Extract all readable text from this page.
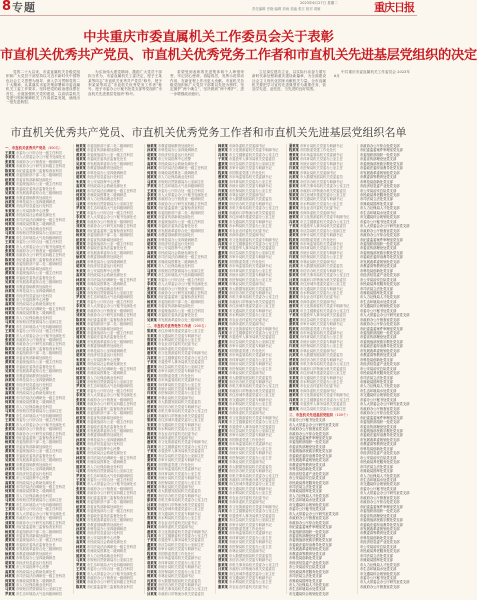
8 专题	2023年6月27日 星期二
责任编辑 史晓 编辑 刘雨 美编 张江 校对 周敏	重庆日报
中共重庆市委直属机关工作委员会关于表彰
市直机关优秀共产党员、市直机关优秀党务工作者和市直机关先进基层党组织的决定
党的二十大以来，市委直属机关各级党组织和广大党员干部坚持以习近平新时代中国特色社会主义思想为指导，深入学习贯彻党的二十大精神，认真落实市委决策部署和市委直属机关工委工作要求，坚持把党的政治建设摆在首位，全面加强机关党的建设，以高质量机关党建引领和保障机关工作高质量发展，涌现出一批先进典型。
为弘扬伟大建党精神，激励广大党员干部担当作为，市委直属机关工委决定，授予王某某等同志“市直机关优秀共产党员”称号，授予李某某等同志“市直机关优秀党务工作者”称号，授予市委办公厅秘书处党支部等党组织“市直机关先进基层党组织”称号。
希望受到表彰的先进集体和个人珍惜荣誉，牢记初心使命，再接再厉，发挥示范带动作用，在新征程上作出更大贡献。市直机关各级党组织和广大党员干部要以先进为榜样，坚定拥护“两个确立”，坚决做到“两个维护”，进一步增强政治意识。
立足岗位建功立业，以实际行动奋力谱写新时代新征程新重庆建设新篇章，为全面建设社会主义现代化国家贡献机关力量。全市直属机关要把学习宣传先进典型作为重要任务，营造学先进、赶先进、当先进的良好氛围。
中共重庆市委直属机关工作委员会 2023年6月
市直机关优秀共产党员、市直机关优秀党务工作者和市直机关先进基层党组织名单
一、市直机关优秀共产党员（300名）
王某某 市委办公厅综合处一级主任科员
李某某 市人大常委会办公厅秘书处副处长
张某某 市政府办公厅督查室一级调研员
刘某某 市政协办公厅研究室四级主任科员
陈某某 市纪委监委第三监督检查室科员
杨某某 市委组织部干部二处二级调研员
赵某某 市委宣传部新闻处副处长
黄某某 市委统战部办公室一级主任科员
周某某 市委政法委执法监督处处长
吴某某 市发展改革委综合处三级调研员
徐某某 市教委基础教育处副处长
孙某某 市科技局办公室四级调研员
胡某某 市经济信息委运行处科员
朱某某 市公安局指挥中心民警
高某某 市民政局社会救助处副处长
林某某 市司法局法治调研处一级主任科员
何某某 市财政局预算处二级调研员
郭某某 市人力社保局就业处科员
马某某 市规划自然资源局办公室副主任
罗某某 市生态环境局大气处四级调研员
王某某 市委办公厅综合处一级主任科员
李某某 市人大常委会办公厅秘书处副处长
张某某 市政府办公厅督查室一级调研员
刘某某 市政协办公厅研究室四级主任科员
陈某某 市纪委监委第三监督检查室科员
杨某某 市委组织部干部二处二级调研员
赵某某 市委宣传部新闻处副处长
黄某某 市委统战部办公室一级主任科员
周某某 市委政法委执法监督处处长
吴某某 市发展改革委综合处三级调研员
徐某某 市教委基础教育处副处长
孙某某 市科技局办公室四级调研员
胡某某 市经济信息委运行处科员
朱某某 市公安局指挥中心民警
高某某 市民政局社会救助处副处长
林某某 市司法局法治调研处一级主任科员
何某某 市财政局预算处二级调研员
郭某某 市人力社保局就业处科员
马某某 市规划自然资源局办公室副主任
罗某某 市生态环境局大气处四级调研员
王某某 市委办公厅综合处一级主任科员
李某某 市人大常委会办公厅秘书处副处长
张某某 市政府办公厅督查室一级调研员
刘某某 市政协办公厅研究室四级主任科员
陈某某 市纪委监委第三监督检查室科员
杨某某 市委组织部干部二处二级调研员
赵某某 市委宣传部新闻处副处长
黄某某 市委统战部办公室一级主任科员
周某某 市委政法委执法监督处处长
吴某某 市发展改革委综合处三级调研员
徐某某 市教委基础教育处副处长
孙某某 市科技局办公室四级调研员
胡某某 市经济信息委运行处科员
朱某某 市公安局指挥中心民警
高某某 市民政局社会救助处副处长
林某某 市司法局法治调研处一级主任科员
何某某 市财政局预算处二级调研员
郭某某 市人力社保局就业处科员
马某某 市规划自然资源局办公室副主任
罗某某 市生态环境局大气处四级调研员
王某某 市委办公厅综合处一级主任科员
李某某 市人大常委会办公厅秘书处副处长
张某某 市政府办公厅督查室一级调研员
刘某某 市政协办公厅研究室四级主任科员
陈某某 市纪委监委第三监督检查室科员
杨某某 市委组织部干部二处二级调研员
赵某某 市委宣传部新闻处副处长
黄某某 市委统战部办公室一级主任科员
周某某 市委政法委执法监督处处长
吴某某 市发展改革委综合处三级调研员
徐某某 市教委基础教育处副处长
孙某某 市科技局办公室四级调研员
胡某某 市经济信息委运行处科员
朱某某 市公安局指挥中心民警
高某某 市民政局社会救助处副处长
林某某 市司法局法治调研处一级主任科员
何某某 市财政局预算处二级调研员
郭某某 市人力社保局就业处科员
马某某 市规划自然资源局办公室副主任
罗某某 市生态环境局大气处四级调研员
王某某 市委办公厅综合处一级主任科员
李某某 市人大常委会办公厅秘书处副处长
张某某 市政府办公厅督查室一级调研员
刘某某 市政协办公厅研究室四级主任科员
陈某某 市纪委监委第三监督检查室科员
杨某某 市委组织部干部二处二级调研员
赵某某 市委宣传部新闻处副处长
黄某某 市委统战部办公室一级主任科员
周某某 市委政法委执法监督处处长
吴某某 市发展改革委综合处三级调研员
徐某某 市教委基础教育处副处长
孙某某 市科技局办公室四级调研员
胡某某 市经济信息委运行处科员
朱某某 市公安局指挥中心民警
高某某 市民政局社会救助处副处长
林某某 市司法局法治调研处一级主任科员
何某某 市财政局预算处二级调研员
郭某某 市人力社保局就业处科员
马某某 市规划自然资源局办公室副主任
罗某某 市生态环境局大气处四级调研员
杨某某 市委组织部干部二处二级调研员
赵某某 市委宣传部新闻处副处长
黄某某 市委统战部办公室一级主任科员
周某某 市委政法委执法监督处处长
吴某某 市发展改革委综合处三级调研员
徐某某 市教委基础教育处副处长
孙某某 市科技局办公室四级调研员
胡某某 市经济信息委运行处科员
朱某某 市公安局指挥中心民警
高某某 市民政局社会救助处副处长
林某某 市司法局法治调研处一级主任科员
何某某 市财政局预算处二级调研员
郭某某 市人力社保局就业处科员
马某某 市规划自然资源局办公室副主任
罗某某 市生态环境局大气处四级调研员
王某某 市委办公厅综合处一级主任科员
李某某 市人大常委会办公厅秘书处副处长
张某某 市政府办公厅督查室一级调研员
刘某某 市政协办公厅研究室四级主任科员
陈某某 市纪委监委第三监督检查室科员
杨某某 市委组织部干部二处二级调研员
赵某某 市委宣传部新闻处副处长
黄某某 市委统战部办公室一级主任科员
周某某 市委政法委执法监督处处长
吴某某 市发展改革委综合处三级调研员
徐某某 市教委基础教育处副处长
孙某某 市科技局办公室四级调研员
胡某某 市经济信息委运行处科员
朱某某 市公安局指挥中心民警
高某某 市民政局社会救助处副处长
林某某 市司法局法治调研处一级主任科员
何某某 市财政局预算处二级调研员
郭某某 市人力社保局就业处科员
马某某 市规划自然资源局办公室副主任
罗某某 市生态环境局大气处四级调研员
王某某 市委办公厅综合处一级主任科员
李某某 市人大常委会办公厅秘书处副处长
张某某 市政府办公厅督查室一级调研员
刘某某 市政协办公厅研究室四级主任科员
陈某某 市纪委监委第三监督检查室科员
杨某某 市委组织部干部二处二级调研员
赵某某 市委宣传部新闻处副处长
黄某某 市委统战部办公室一级主任科员
周某某 市委政法委执法监督处处长
吴某某 市发展改革委综合处三级调研员
徐某某 市教委基础教育处副处长
孙某某 市科技局办公室四级调研员
胡某某 市经济信息委运行处科员
朱某某 市公安局指挥中心民警
高某某 市民政局社会救助处副处长
林某某 市司法局法治调研处一级主任科员
何某某 市财政局预算处二级调研员
郭某某 市人力社保局就业处科员
马某某 市规划自然资源局办公室副主任
罗某某 市生态环境局大气处四级调研员
王某某 市委办公厅综合处一级主任科员
李某某 市人大常委会办公厅秘书处副处长
张某某 市政府办公厅督查室一级调研员
刘某某 市政协办公厅研究室四级主任科员
陈某某 市纪委监委第三监督检查室科员
杨某某 市委组织部干部二处二级调研员
赵某某 市委宣传部新闻处副处长
黄某某 市委统战部办公室一级主任科员
周某某 市委政法委执法监督处处长
吴某某 市发展改革委综合处三级调研员
徐某某 市教委基础教育处副处长
孙某某 市科技局办公室四级调研员
胡某某 市经济信息委运行处科员
朱某某 市公安局指挥中心民警
高某某 市民政局社会救助处副处长
林某某 市司法局法治调研处一级主任科员
何某某 市财政局预算处二级调研员
郭某某 市人力社保局就业处科员
马某某 市规划自然资源局办公室副主任
罗某某 市生态环境局大气处四级调研员
王某某 市委办公厅综合处一级主任科员
李某某 市人大常委会办公厅秘书处副处长
张某某 市政府办公厅督查室一级调研员
刘某某 市政协办公厅研究室四级主任科员
陈某某 市纪委监委第三监督检查室科员
杨某某 市委组织部干部二处二级调研员
赵某某 市委宣传部新闻处副处长
黄某某 市委统战部办公室一级主任科员
周某某 市委政法委执法监督处处长
吴某某 市发展改革委综合处三级调研员
徐某某 市教委基础教育处副处长
孙某某 市科技局办公室四级调研员
胡某某 市经济信息委运行处科员
朱某某 市公安局指挥中心民警
高某某 市民政局社会救助处副处长
林某某 市司法局法治调研处一级主任科员
何某某 市财政局预算处二级调研员
郭某某 市人力社保局就业处科员
马某某 市规划自然资源局办公室副主任
罗某某 市生态环境局大气处四级调研员
王某某 市委办公厅综合处一级主任科员
李某某 市人大常委会办公厅秘书处副处长
张某某 市政府办公厅督查室一级调研员
刘某某 市政协办公厅研究室四级主任科员
陈某某 市纪委监委第三监督检查室科员
徐某某 市教委基础教育处副处长
孙某某 市科技局办公室四级调研员
胡某某 市经济信息委运行处科员
朱某某 市公安局指挥中心民警
高某某 市民政局社会救助处副处长
林某某 市司法局法治调研处一级主任科员
何某某 市财政局预算处二级调研员
郭某某 市人力社保局就业处科员
马某某 市规划自然资源局办公室副主任
罗某某 市生态环境局大气处四级调研员
王某某 市委办公厅综合处一级主任科员
李某某 市人大常委会办公厅秘书处副处长
张某某 市政府办公厅督查室一级调研员
刘某某 市政协办公厅研究室四级主任科员
陈某某 市纪委监委第三监督检查室科员
杨某某 市委组织部干部二处二级调研员
赵某某 市委宣传部新闻处副处长
黄某某 市委统战部办公室一级主任科员
周某某 市委政法委执法监督处处长
吴某某 市发展改革委综合处三级调研员
徐某某 市教委基础教育处副处长
孙某某 市科技局办公室四级调研员
胡某某 市经济信息委运行处科员
朱某某 市公安局指挥中心民警
高某某 市民政局社会救助处副处长
林某某 市司法局法治调研处一级主任科员
何某某 市财政局预算处二级调研员
郭某某 市人力社保局就业处科员
马某某 市规划自然资源局办公室副主任
罗某某 市生态环境局大气处四级调研员
王某某 市委办公厅综合处一级主任科员
李某某 市人大常委会办公厅秘书处副处长
张某某 市政府办公厅督查室一级调研员
刘某某 市政协办公厅研究室四级主任科员
陈某某 市纪委监委第三监督检查室科员
杨某某 市委组织部干部二处二级调研员
赵某某 市委宣传部新闻处副处长
黄某某 市委统战部办公室一级主任科员
周某某 市委政法委执法监督处处长
吴某某 市发展改革委综合处三级调研员
二、市直机关优秀党务工作者（200名）
梁某某 市住房城乡建委党委办公室主任
宋某某 市交通局机关党委专职副书记
郑某某 市水利局机关党委办公室主任
谢某某 市农业农村委机关纪委书记
韩某某 市商务委机关党委副书记
唐某某 市文化旅游委机关党委专职副书记
冯某某 市卫生健康委机关党委办公室主任
于某某 市退役军人事务局机关党委委员
董某某 市应急局机关党委办公室副主任
萧某某 市审计局机关党委专职副书记
程某某 市国资委党建工作处处长
曹某某 市市场监管局机关党委副书记
袁某某 市体育局机关党委办公室主任
邓某某 市统计局机关党委专职副书记
许某某 市医保局机关党委办公室主任
傅某某 市林业局机关党委副书记
沈某某 市大数据发展局机关党委委员
曾某某 市信访办机关党委专职副书记
彭某某 市机关事务局机关党委办公室主任
吕某某 市政府口岸物流办机关党委委员
梁某某 市住房城乡建委党委办公室主任
宋某某 市交通局机关党委专职副书记
郑某某 市水利局机关党委办公室主任
谢某某 市农业农村委机关纪委书记
韩某某 市商务委机关党委副书记
唐某某 市文化旅游委机关党委专职副书记
冯某某 市卫生健康委机关党委办公室主任
于某某 市退役军人事务局机关党委委员
董某某 市应急局机关党委办公室副主任
萧某某 市审计局机关党委专职副书记
程某某 市国资委党建工作处处长
曹某某 市市场监管局机关党委副书记
袁某某 市体育局机关党委办公室主任
邓某某 市统计局机关党委专职副书记
许某某 市医保局机关党委办公室主任
傅某某 市林业局机关党委副书记
沈某某 市大数据发展局机关党委委员
曾某某 市信访办机关党委专职副书记
彭某某 市机关事务局机关党委办公室主任
吕某某 市政府口岸物流办机关党委委员
梁某某 市住房城乡建委党委办公室主任
宋某某 市交通局机关党委专职副书记
郑某某 市水利局机关党委办公室主任
谢某某 市农业农村委机关纪委书记
韩某某 市商务委机关党委副书记
唐某某 市文化旅游委机关党委专职副书记
冯某某 市卫生健康委机关党委办公室主任
于某某 市退役军人事务局机关党委委员
董某某 市应急局机关党委办公室副主任
萧某某 市审计局机关党委专职副书记
程某某 市国资委党建工作处处长
曹某某 市市场监管局机关党委副书记
袁某某 市体育局机关党委办公室主任
邓某某 市统计局机关党委专职副书记
许某某 市医保局机关党委办公室主任
傅某某 市林业局机关党委副书记
沈某某 市大数据发展局机关党委委员
曾某某 市信访办机关党委专职副书记
彭某某 市机关事务局机关党委办公室主任
吕某某 市政府口岸物流办机关党委委员
韩某某 市商务委机关党委副书记
唐某某 市文化旅游委机关党委专职副书记
冯某某 市卫生健康委机关党委办公室主任
于某某 市退役军人事务局机关党委委员
董某某 市应急局机关党委办公室副主任
萧某某 市审计局机关党委专职副书记
程某某 市国资委党建工作处处长
曹某某 市市场监管局机关党委副书记
袁某某 市体育局机关党委办公室主任
邓某某 市统计局机关党委专职副书记
许某某 市医保局机关党委办公室主任
傅某某 市林业局机关党委副书记
沈某某 市大数据发展局机关党委委员
曾某某 市信访办机关党委专职副书记
彭某某 市机关事务局机关党委办公室主任
吕某某 市政府口岸物流办机关党委委员
梁某某 市住房城乡建委党委办公室主任
宋某某 市交通局机关党委专职副书记
郑某某 市水利局机关党委办公室主任
谢某某 市农业农村委机关纪委书记
韩某某 市商务委机关党委副书记
唐某某 市文化旅游委机关党委专职副书记
冯某某 市卫生健康委机关党委办公室主任
于某某 市退役军人事务局机关党委委员
董某某 市应急局机关党委办公室副主任
萧某某 市审计局机关党委专职副书记
程某某 市国资委党建工作处处长
曹某某 市市场监管局机关党委副书记
袁某某 市体育局机关党委办公室主任
邓某某 市统计局机关党委专职副书记
许某某 市医保局机关党委办公室主任
傅某某 市林业局机关党委副书记
沈某某 市大数据发展局机关党委委员
曾某某 市信访办机关党委专职副书记
彭某某 市机关事务局机关党委办公室主任
吕某某 市政府口岸物流办机关党委委员
梁某某 市住房城乡建委党委办公室主任
宋某某 市交通局机关党委专职副书记
郑某某 市水利局机关党委办公室主任
谢某某 市农业农村委机关纪委书记
韩某某 市商务委机关党委副书记
唐某某 市文化旅游委机关党委专职副书记
冯某某 市卫生健康委机关党委办公室主任
于某某 市退役军人事务局机关党委委员
董某某 市应急局机关党委办公室副主任
萧某某 市审计局机关党委专职副书记
程某某 市国资委党建工作处处长
曹某某 市市场监管局机关党委副书记
袁某某 市体育局机关党委办公室主任
邓某某 市统计局机关党委专职副书记
许某某 市医保局机关党委办公室主任
傅某某 市林业局机关党委副书记
沈某某 市大数据发展局机关党委委员
曾某某 市信访办机关党委专职副书记
彭某某 市机关事务局机关党委办公室主任
吕某某 市政府口岸物流办机关党委委员
梁某某 市住房城乡建委党委办公室主任
宋某某 市交通局机关党委专职副书记
郑某某 市水利局机关党委办公室主任
谢某某 市农业农村委机关纪委书记
韩某某 市商务委机关党委副书记
唐某某 市文化旅游委机关党委专职副书记
冯某某 市卫生健康委机关党委办公室主任
于某某 市退役军人事务局机关党委委员
董某某 市应急局机关党委办公室副主任
萧某某 市审计局机关党委专职副书记
程某某 市国资委党建工作处处长
曹某某 市市场监管局机关党委副书记
袁某某 市体育局机关党委办公室主任
邓某某 市统计局机关党委专职副书记
许某某 市医保局机关党委办公室主任
傅某某 市林业局机关党委副书记
沈某某 市大数据发展局机关党委委员
曾某某 市信访办机关党委专职副书记
彭某某 市机关事务局机关党委办公室主任
吕某某 市政府口岸物流办机关党委委员
梁某某 市住房城乡建委党委办公室主任
宋某某 市交通局机关党委专职副书记
郑某某 市水利局机关党委办公室主任
谢某某 市农业农村委机关纪委书记
韩某某 市商务委机关党委副书记
唐某某 市文化旅游委机关党委专职副书记
冯某某 市卫生健康委机关党委办公室主任
于某某 市退役军人事务局机关党委委员
董某某 市应急局机关党委办公室副主任
萧某某 市审计局机关党委专职副书记
程某某 市国资委党建工作处处长
曹某某 市市场监管局机关党委副书记
袁某某 市体育局机关党委办公室主任
邓某某 市统计局机关党委专职副书记
许某某 市医保局机关党委办公室主任
傅某某 市林业局机关党委副书记
沈某某 市大数据发展局机关党委委员
曾某某 市信访办机关党委专职副书记
彭某某 市机关事务局机关党委办公室主任
吕某某 市政府口岸物流办机关党委委员
梁某某 市住房城乡建委党委办公室主任
宋某某 市交通局机关党委专职副书记
郑某某 市水利局机关党委办公室主任
谢某某 市农业农村委机关纪委书记
萧某某 市审计局机关党委专职副书记
程某某 市国资委党建工作处处长
曹某某 市市场监管局机关党委副书记
袁某某 市体育局机关党委办公室主任
邓某某 市统计局机关党委专职副书记
许某某 市医保局机关党委办公室主任
傅某某 市林业局机关党委副书记
沈某某 市大数据发展局机关党委委员
曾某某 市信访办机关党委专职副书记
彭某某 市机关事务局机关党委办公室主任
吕某某 市政府口岸物流办机关党委委员
梁某某 市住房城乡建委党委办公室主任
宋某某 市交通局机关党委专职副书记
郑某某 市水利局机关党委办公室主任
谢某某 市农业农村委机关纪委书记
韩某某 市商务委机关党委副书记
唐某某 市文化旅游委机关党委专职副书记
冯某某 市卫生健康委机关党委办公室主任
于某某 市退役军人事务局机关党委委员
董某某 市应急局机关党委办公室副主任
萧某某 市审计局机关党委专职副书记
程某某 市国资委党建工作处处长
曹某某 市市场监管局机关党委副书记
袁某某 市体育局机关党委办公室主任
邓某某 市统计局机关党委专职副书记
许某某 市医保局机关党委办公室主任
傅某某 市林业局机关党委副书记
沈某某 市大数据发展局机关党委委员
曾某某 市信访办机关党委专职副书记
彭某某 市机关事务局机关党委办公室主任
吕某某 市政府口岸物流办机关党委委员
梁某某 市住房城乡建委党委办公室主任
宋某某 市交通局机关党委专职副书记
郑某某 市水利局机关党委办公室主任
谢某某 市农业农村委机关纪委书记
韩某某 市商务委机关党委副书记
唐某某 市文化旅游委机关党委专职副书记
冯某某 市卫生健康委机关党委办公室主任
于某某 市退役军人事务局机关党委委员
董某某 市应急局机关党委办公室副主任
萧某某 市审计局机关党委专职副书记
程某某 市国资委党建工作处处长
曹某某 市市场监管局机关党委副书记
袁某某 市体育局机关党委办公室主任
邓某某 市统计局机关党委专职副书记
许某某 市医保局机关党委办公室主任
傅某某 市林业局机关党委副书记
沈某某 市大数据发展局机关党委委员
曾某某 市信访办机关党委专职副书记
彭某某 市机关事务局机关党委办公室主任
吕某某 市政府口岸物流办机关党委委员
梁某某 市住房城乡建委党委办公室主任
宋某某 市交通局机关党委专职副书记
郑某某 市水利局机关党委办公室主任
谢某某 市农业农村委机关纪委书记
韩某某 市商务委机关党委副书记
唐某某 市文化旅游委机关党委专职副书记
冯某某 市卫生健康委机关党委办公室主任
于某某 市退役军人事务局机关党委委员
董某某 市应急局机关党委办公室副主任
三、市直机关先进基层党组织（100个）
市委办公厅秘书处党支部
市人大常委会办公厅研究室党支部
市政府办公厅督查室党支部
市政协办公厅综合处党支部
市纪委监委案件审理室党支部
市委组织部组织一处党支部
市委宣传部理论处党支部
市委统战部民族宗教处党支部
市委政法委综治督导处党支部
市发展改革委规划处党支部
市教委高等教育处党支部
市科技局创新处党支部
市经济信息委产业处党支部
市公安局治安总队党支部
市民政局养老服务处党支部
市司法局立法处党支部
市财政局国库处党支部
市人力社保局人才处党支部
市生态环境局水处党支部
市交通局综合规划处党支部
市委办公厅秘书处党支部
市人大常委会办公厅研究室党支部
市政府办公厅督查室党支部
市政协办公厅综合处党支部
市纪委监委案件审理室党支部
市委组织部组织一处党支部
市委宣传部理论处党支部
市委统战部民族宗教处党支部
市委政法委综治督导处党支部
市发展改革委规划处党支部
市教委高等教育处党支部
市科技局创新处党支部
市经济信息委产业处党支部
市公安局治安总队党支部
市民政局养老服务处党支部
市司法局立法处党支部
市财政局国库处党支部
市人力社保局人才处党支部
市生态环境局水处党支部
市交通局综合规划处党支部
市政协办公厅综合处党支部
市纪委监委案件审理室党支部
市委组织部组织一处党支部
市委宣传部理论处党支部
市委统战部民族宗教处党支部
市委政法委综治督导处党支部
市发展改革委规划处党支部
市教委高等教育处党支部
市科技局创新处党支部
市经济信息委产业处党支部
市公安局治安总队党支部
市民政局养老服务处党支部
市司法局立法处党支部
市财政局国库处党支部
市人力社保局人才处党支部
市生态环境局水处党支部
市交通局综合规划处党支部
市委办公厅秘书处党支部
市人大常委会办公厅研究室党支部
市政府办公厅督查室党支部
市政协办公厅综合处党支部
市纪委监委案件审理室党支部
市委组织部组织一处党支部
市委宣传部理论处党支部
市委统战部民族宗教处党支部
市委政法委综治督导处党支部
市发展改革委规划处党支部
市教委高等教育处党支部
市科技局创新处党支部
市经济信息委产业处党支部
市公安局治安总队党支部
市民政局养老服务处党支部
市司法局立法处党支部
市财政局国库处党支部
市人力社保局人才处党支部
市生态环境局水处党支部
市交通局综合规划处党支部
市委办公厅秘书处党支部
市人大常委会办公厅研究室党支部
市政府办公厅督查室党支部
市政协办公厅综合处党支部
市纪委监委案件审理室党支部
市委组织部组织一处党支部
市委宣传部理论处党支部
市委统战部民族宗教处党支部
市委政法委综治督导处党支部
市发展改革委规划处党支部
市教委高等教育处党支部
市科技局创新处党支部
市经济信息委产业处党支部
市公安局治安总队党支部
市民政局养老服务处党支部
市司法局立法处党支部
市财政局国库处党支部
市人力社保局人才处党支部
市生态环境局水处党支部
市交通局综合规划处党支部
市委办公厅秘书处党支部
市人大常委会办公厅研究室党支部
市政府办公厅督查室党支部
市政协办公厅综合处党支部
市纪委监委案件审理室党支部
市委组织部组织一处党支部
市委宣传部理论处党支部
市委统战部民族宗教处党支部
市委政法委综治督导处党支部
市发展改革委规划处党支部
市教委高等教育处党支部
市科技局创新处党支部
市经济信息委产业处党支部
市公安局治安总队党支部
市民政局养老服务处党支部
市司法局立法处党支部
市财政局国库处党支部
市人力社保局人才处党支部
市生态环境局水处党支部
市交通局综合规划处党支部
市委办公厅秘书处党支部
市人大常委会办公厅研究室党支部
市政府办公厅督查室党支部
市政协办公厅综合处党支部
市纪委监委案件审理室党支部
市委组织部组织一处党支部
市委宣传部理论处党支部
市委统战部民族宗教处党支部
市委政法委综治督导处党支部
市发展改革委规划处党支部
市教委高等教育处党支部
市科技局创新处党支部
市经济信息委产业处党支部
市公安局治安总队党支部
市民政局养老服务处党支部
市司法局立法处党支部
市财政局国库处党支部
市人力社保局人才处党支部
市生态环境局水处党支部
市交通局综合规划处党支部
市委办公厅秘书处党支部
市人大常委会办公厅研究室党支部
市政府办公厅督查室党支部
